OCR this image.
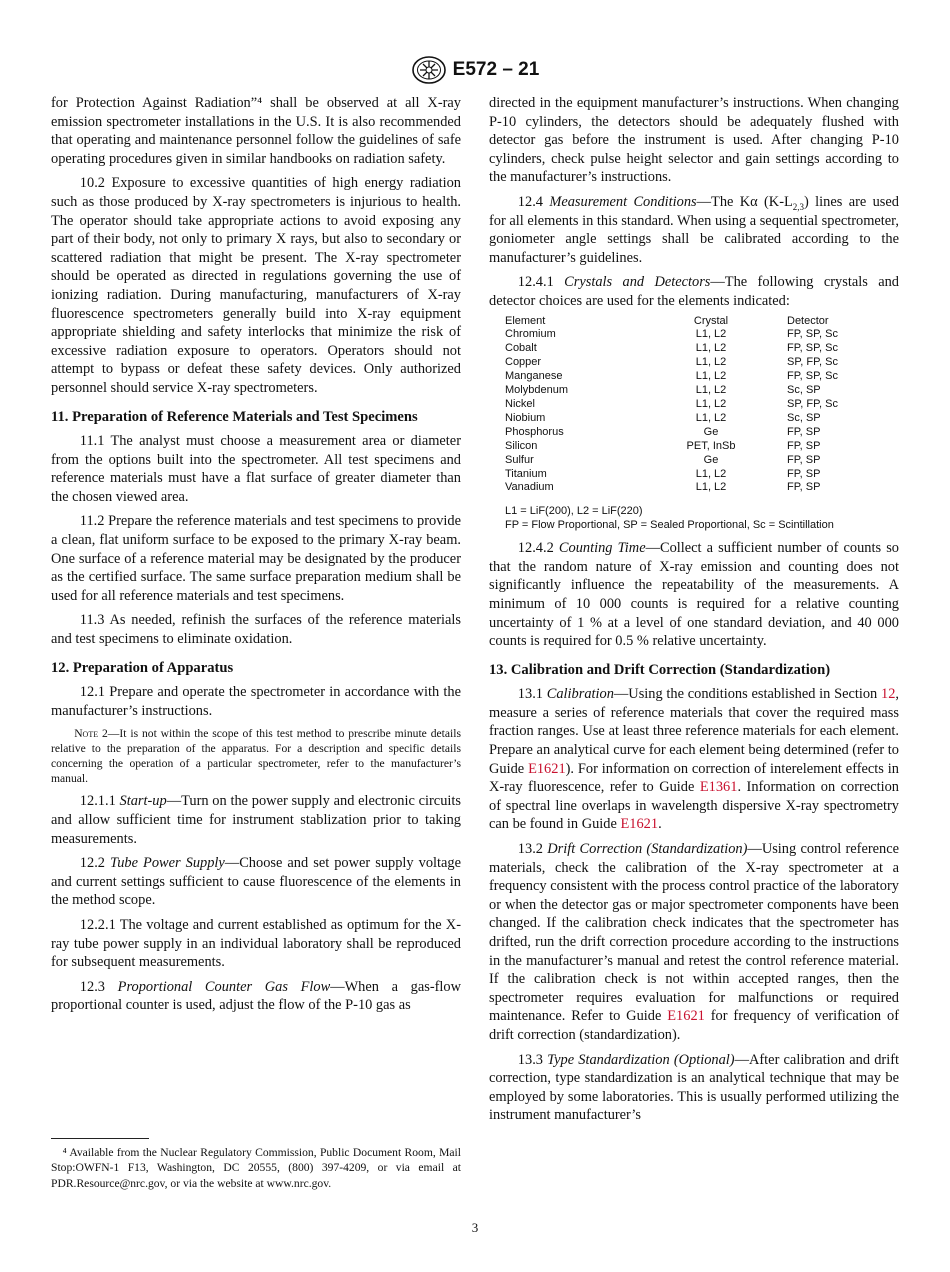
E572 – 21

for Protection Against Radiation”⁴ shall be observed at all X-ray emission spectrometer installations in the U.S. It is also recommended that operating and maintenance personnel follow the guidelines of safe operating procedures given in similar handbooks on radiation safety.

10.2 Exposure to excessive quantities of high energy radiation such as those produced by X-ray spectrometers is injurious to health. The operator should take appropriate actions to avoid exposing any part of their body, not only to primary X rays, but also to secondary or scattered radiation that might be present. The X-ray spectrometer should be operated as directed in regulations governing the use of ionizing radiation. During manufacturing, manufacturers of X-ray fluorescence spectrometers generally build into X-ray equipment appropriate shielding and safety interlocks that minimize the risk of excessive radiation exposure to operators. Operators should not attempt to bypass or defeat these safety devices. Only authorized personnel should service X-ray spectrometers.

11. Preparation of Reference Materials and Test Specimens

11.1 The analyst must choose a measurement area or diameter from the options built into the spectrometer. All test specimens and reference materials must have a flat surface of greater diameter than the chosen viewed area.

11.2 Prepare the reference materials and test specimens to provide a clean, flat uniform surface to be exposed to the primary X-ray beam. One surface of a reference material may be designated by the producer as the certified surface. The same surface preparation medium shall be used for all reference materials and test specimens.

11.3 As needed, refinish the surfaces of the reference materials and test specimens to eliminate oxidation.

12. Preparation of Apparatus

12.1 Prepare and operate the spectrometer in accordance with the manufacturer’s instructions.

Note 2—It is not within the scope of this test method to prescribe minute details relative to the preparation of the apparatus. For a description and specific details concerning the operation of a particular spectrometer, refer to the manufacturer’s manual.

12.1.1 Start-up—Turn on the power supply and electronic circuits and allow sufficient time for instrument stablization prior to taking measurements.

12.2 Tube Power Supply—Choose and set power supply voltage and current settings sufficient to cause fluorescence of the elements in the method scope.

12.2.1 The voltage and current established as optimum for the X-ray tube power supply in an individual laboratory shall be reproduced for subsequent measurements.

12.3 Proportional Counter Gas Flow—When a gas-flow proportional counter is used, adjust the flow of the P-10 gas as

⁴ Available from the Nuclear Regulatory Commission, Public Document Room, Mail Stop:OWFN-1 F13, Washington, DC 20555, (800) 397-4209, or via email at PDR.Resource@nrc.gov, or via the website at www.nrc.gov.

directed in the equipment manufacturer’s instructions. When changing P-10 cylinders, the detectors should be adequately flushed with detector gas before the instrument is used. After changing P-10 cylinders, check pulse height selector and gain settings according to the manufacturer’s instructions.

12.4 Measurement Conditions—The Kα $(K-L_{2,3})$ lines are used for all elements in this standard. When using a sequential spectrometer, goniometer angle settings shall be calibrated according to the manufacturer’s guidelines.

12.4.1 Crystals and Detectors—The following crystals and detector choices are used for the elements indicated:

Element	Crystal	Detector
Chromium	L1, L2	FP, SP, Sc
Cobalt	L1, L2	FP, SP, Sc
Copper	L1, L2	SP, FP, Sc
Manganese	L1, L2	FP, SP, Sc
Molybdenum	L1, L2	Sc, SP
Nickel	L1, L2	SP, FP, Sc
Niobium	L1, L2	Sc, SP
Phosphorus	Ge	FP, SP
Silicon	PET, InSb	FP, SP
Sulfur	Ge	FP, SP
Titanium	L1, L2	FP, SP
Vanadium	L1, L2	FP, SP
L1 = LiF(200), L2 = LiF(220)
FP = Flow Proportional, SP = Sealed Proportional, Sc = Scintillation

12.4.2 Counting Time—Collect a sufficient number of counts so that the random nature of X-ray emission and counting does not significantly influence the repeatability of the measurements. A minimum of 10 000 counts is required for a relative counting uncertainty of 1 % at a level of one standard deviation, and 40 000 counts is required for 0.5 % relative uncertainty.

13. Calibration and Drift Correction (Standardization)

13.1 Calibration—Using the conditions established in Section 12, measure a series of reference materials that cover the required mass fraction ranges. Use at least three reference materials for each element. Prepare an analytical curve for each element being determined (refer to Guide E1621). For information on correction of interelement effects in X-ray fluorescence, refer to Guide E1361. Information on correction of spectral line overlaps in wavelength dispersive X-ray spectrometry can be found in Guide E1621.

13.2 Drift Correction (Standardization)—Using control reference materials, check the calibration of the X-ray spectrometer at a frequency consistent with the process control practice of the laboratory or when the detector gas or major spectrometer components have been changed. If the calibration check indicates that the spectrometer has drifted, run the drift correction procedure according to the instructions in the manufacturer’s manual and retest the control reference material. If the calibration check is not within accepted ranges, then the spectrometer requires evaluation for malfunctions or required maintenance. Refer to Guide E1621 for frequency of verification of drift correction (standardization).

13.3 Type Standardization (Optional)—After calibration and drift correction, type standardization is an analytical technique that may be employed by some laboratories. This is usually performed utilizing the instrument manufacturer’s

3
